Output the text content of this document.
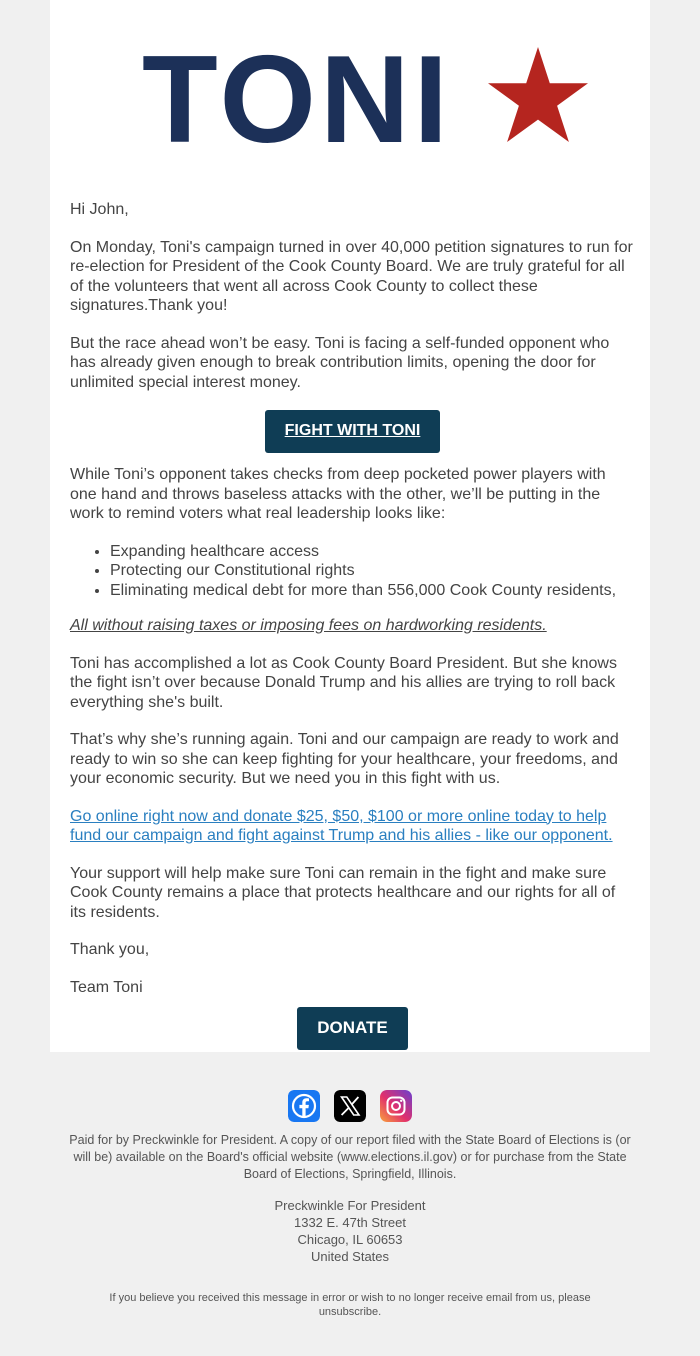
TONI

Hi John,

On Monday, Toni's campaign turned in over 40,000 petition signatures to run for re-election for President of the Cook County Board. We are truly grateful for all of the volunteers that went all across Cook County to collect these signatures.Thank you!

But the race ahead won’t be easy. Toni is facing a self-funded opponent who has already given enough to break contribution limits, opening the door for unlimited special interest money.

FIGHT WITH TONI

While Toni’s opponent takes checks from deep pocketed power players with one hand and throws baseless attacks with the other, we’ll be putting in the work to remind voters what real leadership looks like:

• Expanding healthcare access
• Protecting our Constitutional rights
• Eliminating medical debt for more than 556,000 Cook County residents,

All without raising taxes or imposing fees on hardworking residents.

Toni has accomplished a lot as Cook County Board President. But she knows the fight isn’t over because Donald Trump and his allies are trying to roll back everything she's built.

That’s why she’s running again. Toni and our campaign are ready to work and ready to win so she can keep fighting for your healthcare, your freedoms, and your economic security. But we need you in this fight with us.

Go online right now and donate $25, $50, $100 or more online today to help fund our campaign and fight against Trump and his allies - like our opponent.

Your support will help make sure Toni can remain in the fight and make sure Cook County remains a place that protects healthcare and our rights for all of its residents.

Thank you,

Team Toni

DONATE

Paid for by Preckwinkle for President. A copy of our report filed with the State Board of Elections is (or will be) available on the Board's official website (www.elections.il.gov) or for purchase from the State Board of Elections, Springfield, Illinois.

Preckwinkle For President
1332 E. 47th Street
Chicago, IL 60653
United States
If you believe you received this message in error or wish to no longer receive email from us, please unsubscribe.
